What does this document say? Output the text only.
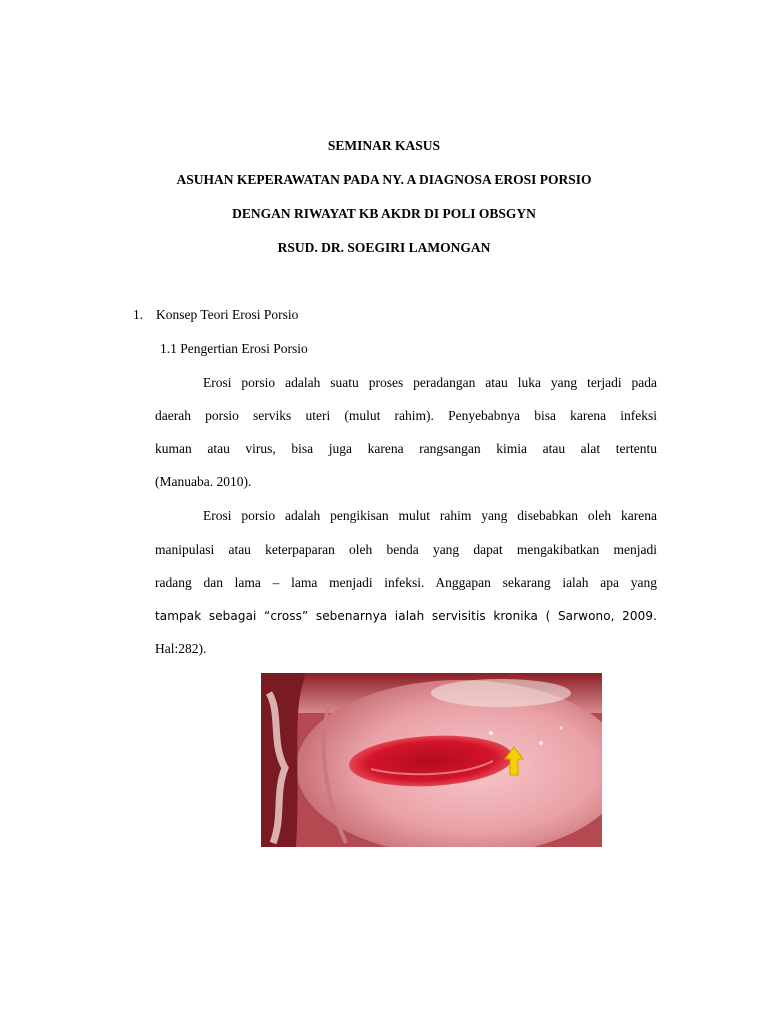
SEMINAR KASUS
ASUHAN KEPERAWATAN PADA NY. A DIAGNOSA EROSI PORSIO
DENGAN RIWAYAT KB AKDR DI POLI OBSGYN
RSUD. DR. SOEGIRI LAMONGAN
1. Konsep Teori Erosi Porsio
1.1 Pengertian Erosi Porsio
Erosi porsio adalah suatu proses peradangan atau luka yang terjadi pada
daerah porsio serviks uteri (mulut rahim). Penyebabnya bisa karena infeksi
kuman atau virus, bisa juga karena rangsangan kimia atau alat tertentu
(Manuaba. 2010).
Erosi porsio adalah pengikisan mulut rahim yang disebabkan oleh karena
manipulasi atau keterpaparan oleh benda yang dapat mengakibatkan menjadi
radang dan lama – lama menjadi infeksi. Anggapan sekarang ialah apa yang
tampak sebagai “cross” sebenarnya ialah servisitis kronika ( Sarwono, 2009.
Hal:282).
